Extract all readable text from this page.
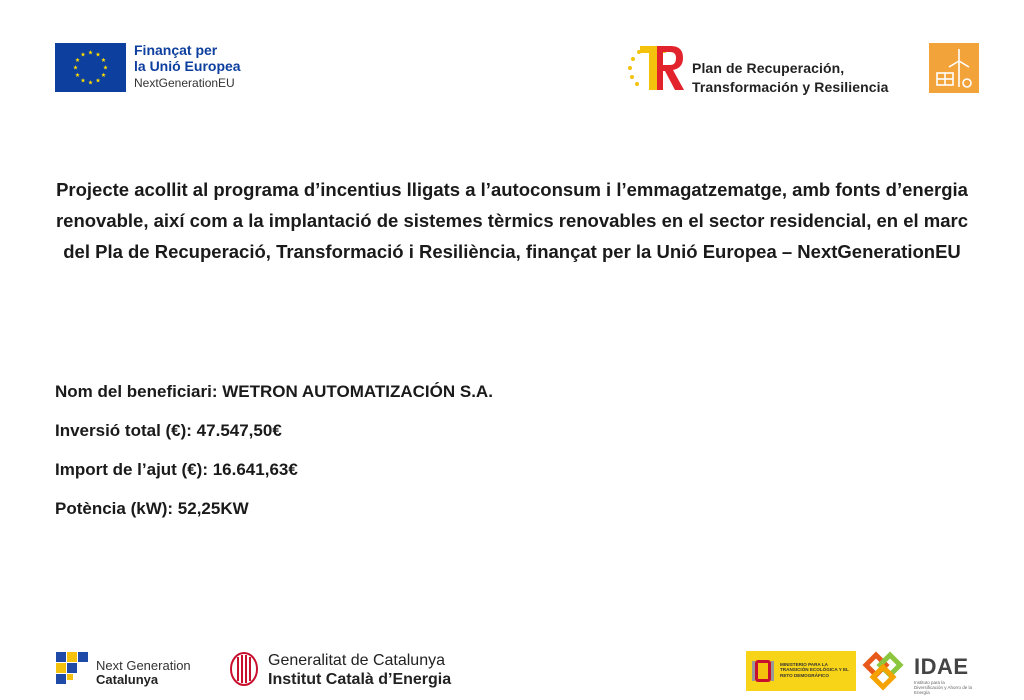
Finançat per
la Unió Europea
NextGenerationEU
Plan de Recuperación,
Transformación y Resiliencia

Projecte acollit al programa d’incentius lligats a l’autoconsum i l’emmagatzematge, amb fonts d’energia renovable, així com a la implantació de sistemes tèrmics renovables en el sector residencial, en el marc del Pla de Recuperació, Transformació i Resiliència, finançat per la Unió Europea – NextGenerationEU

Nom del beneficiari: WETRON AUTOMATIZACIÓN S.A.
Inversió total (€): 47.547,50€
Import de l’ajut (€): 16.641,63€
Potència (kW): 52,25KW
Next Generation
Catalunya
Generalitat de Catalunya
Institut Català d’Energia
MINISTERIO PARA LA TRANSICIÓN ECOLÓGICA Y EL RETO DEMOGRÁFICO	IDAE
Instituto para la Diversificación y Ahorro de la Energía
